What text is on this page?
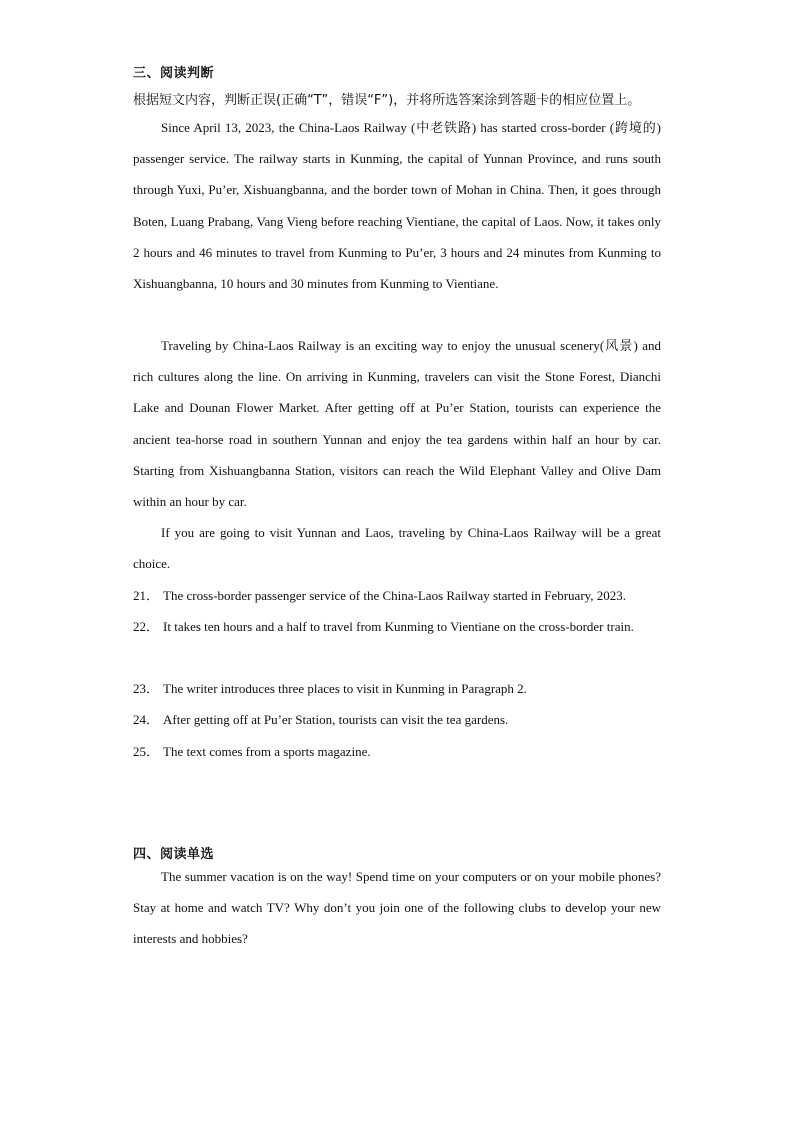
三、阅读判断
根据短文内容，判断正误(正确“T”，错误“F”)，并将所选答案涂到答题卡的相应位置上。

Since April 13, 2023, the China-Laos Railway (中老铁路) has started cross-border (跨境的) passenger service. The railway starts in Kunming, the capital of Yunnan Province, and runs south through Yuxi, Pu’er, Xishuangbanna, and the border town of Mohan in China. Then, it goes through Boten, Luang Prabang, Vang Vieng before reaching Vientiane, the capital of Laos. Now, it takes only 2 hours and 46 minutes to travel from Kunming to Pu’er, 3 hours and 24 minutes from Kunming to Xishuangbanna, 10 hours and 30 minutes from Kunming to Vientiane.

Traveling by China-Laos Railway is an exciting way to enjoy the unusual scenery(风景) and rich cultures along the line. On arriving in Kunming, travelers can visit the Stone Forest, Dianchi Lake and Dounan Flower Market. After getting off at Pu’er Station, tourists can experience the ancient tea-horse road in southern Yunnan and enjoy the tea gardens within half an hour by car. Starting from Xishuangbanna Station, visitors can reach the Wild Elephant Valley and Olive Dam within an hour by car.

If you are going to visit Yunnan and Laos, traveling by China-Laos Railway will be a great choice.

21． The cross-border passenger service of the China-Laos Railway started in February, 2023.

22． It takes ten hours and a half to travel from Kunming to Vientiane on the cross-border train.

23． The writer introduces three places to visit in Kunming in Paragraph 2.

24． After getting off at Pu’er Station, tourists can visit the tea gardens.

25． The text comes from a sports magazine.

四、阅读单选

The summer vacation is on the way! Spend time on your computers or on your mobile phones? Stay at home and watch TV? Why don’t you join one of the following clubs to develop your new interests and hobbies?
